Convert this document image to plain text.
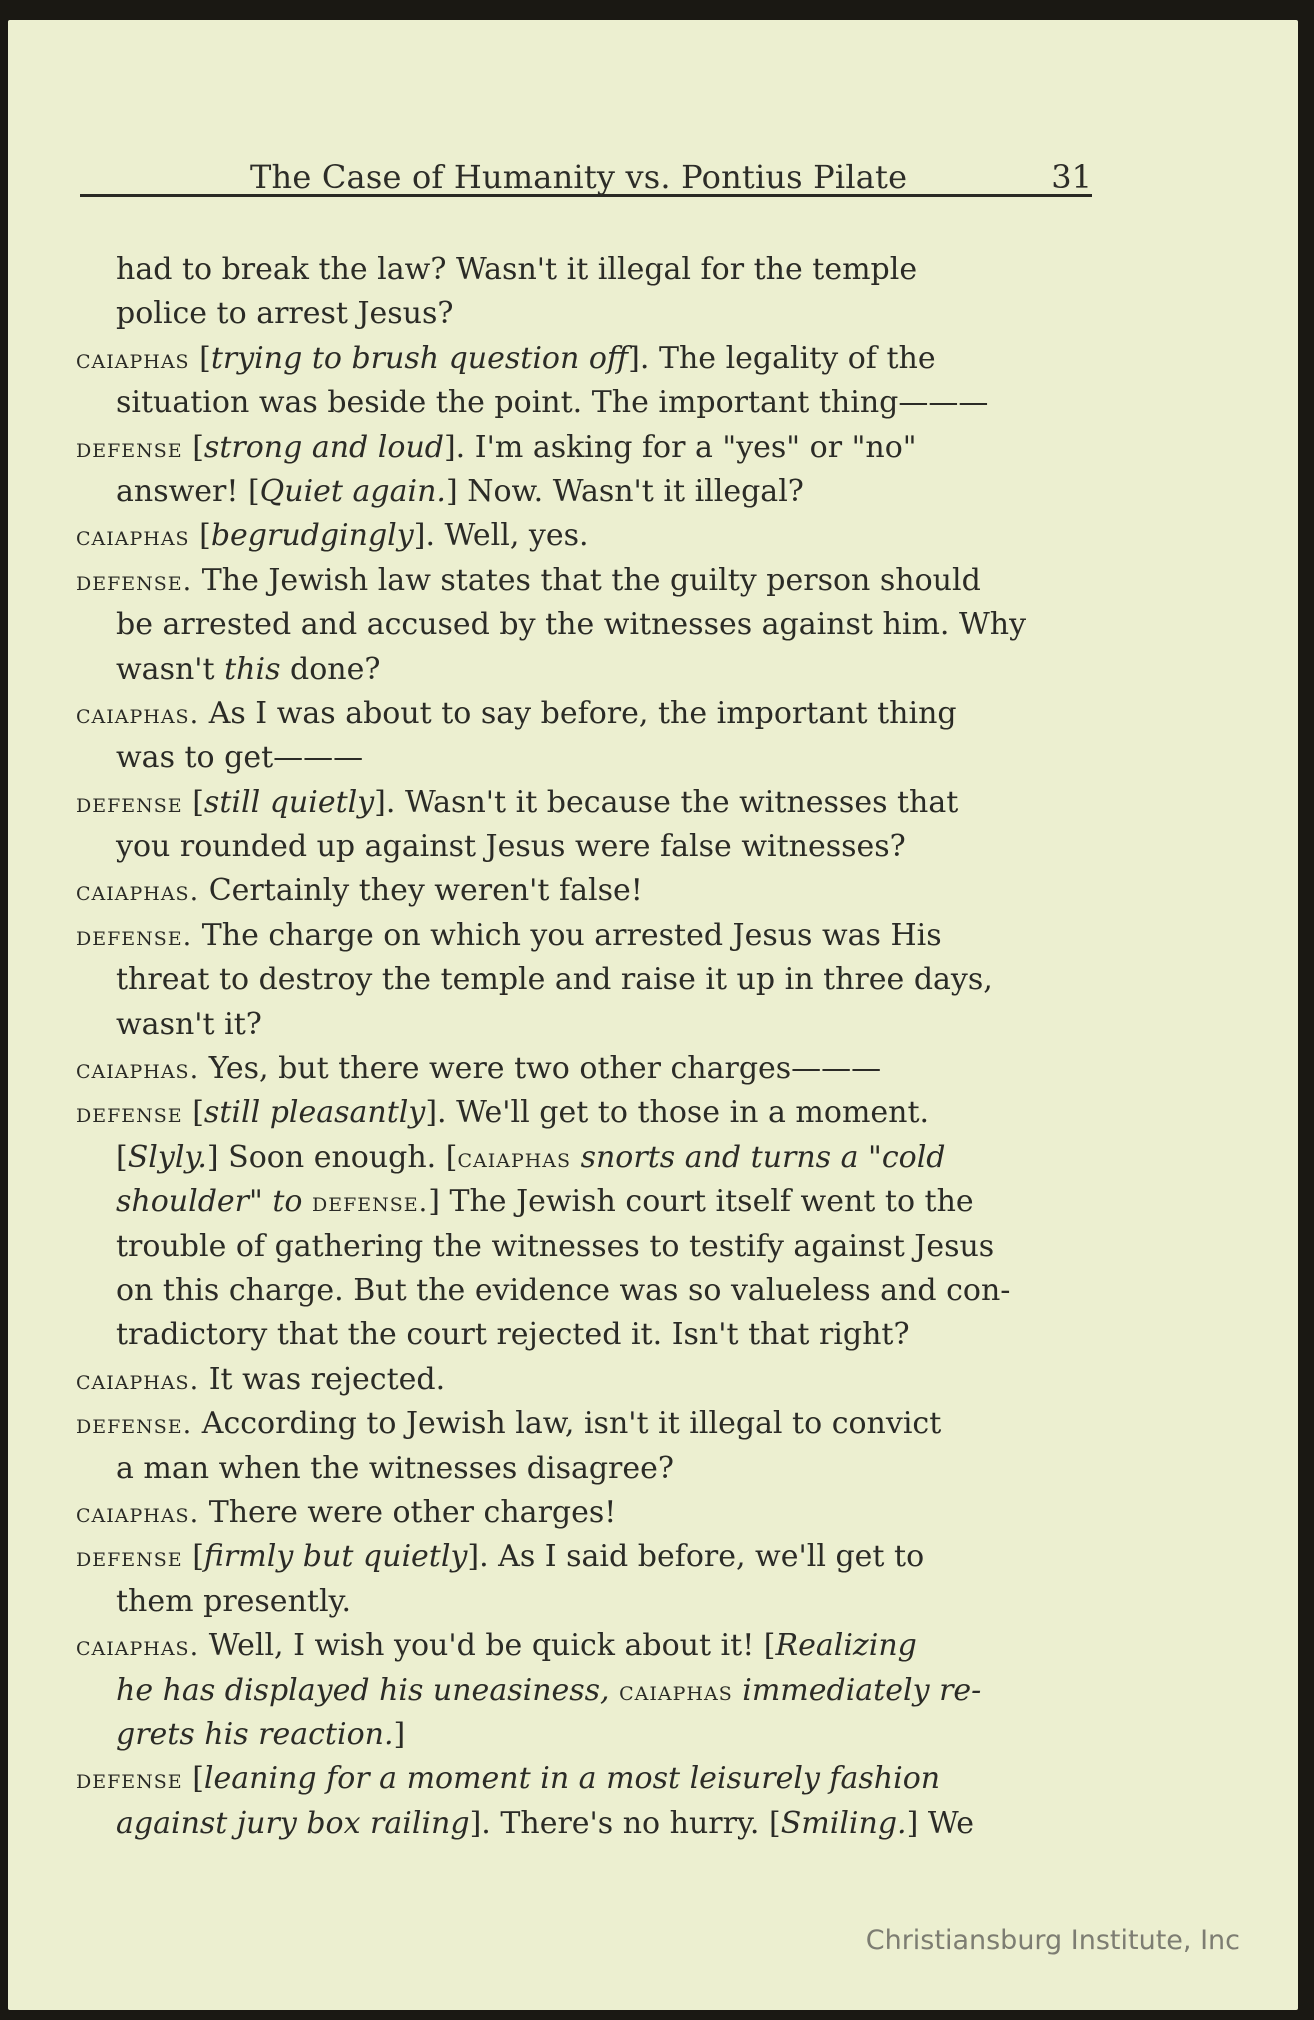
The Case of Humanity vs. Pontius Pilate	31
had to break the law? Wasn't it illegal for the temple
police to arrest Jesus?
caiaphas [trying to brush question off]. The legality of the
situation was beside the point. The important thing———
defense [strong and loud]. I'm asking for a "yes" or "no"
answer! [Quiet again.] Now. Wasn't it illegal?
caiaphas [begrudgingly]. Well, yes.
defense. The Jewish law states that the guilty person should
be arrested and accused by the witnesses against him. Why
wasn't this done?
caiaphas. As I was about to say before, the important thing
was to get———
defense [still quietly]. Wasn't it because the witnesses that
you rounded up against Jesus were false witnesses?
caiaphas. Certainly they weren't false!
defense. The charge on which you arrested Jesus was His
threat to destroy the temple and raise it up in three days,
wasn't it?
caiaphas. Yes, but there were two other charges———
defense [still pleasantly]. We'll get to those in a moment.
[Slyly.] Soon enough. [caiaphas snorts and turns a "cold
shoulder" to defense.] The Jewish court itself went to the
trouble of gathering the witnesses to testify against Jesus
on this charge. But the evidence was so valueless and con-
tradictory that the court rejected it. Isn't that right?
caiaphas. It was rejected.
defense. According to Jewish law, isn't it illegal to convict
a man when the witnesses disagree?
caiaphas. There were other charges!
defense [firmly but quietly]. As I said before, we'll get to
them presently.
caiaphas. Well, I wish you'd be quick about it! [Realizing
he has displayed his uneasiness, caiaphas immediately re-
grets his reaction.]
defense [leaning for a moment in a most leisurely fashion
against jury box railing]. There's no hurry. [Smiling.] We
Christiansburg Institute, Inc
